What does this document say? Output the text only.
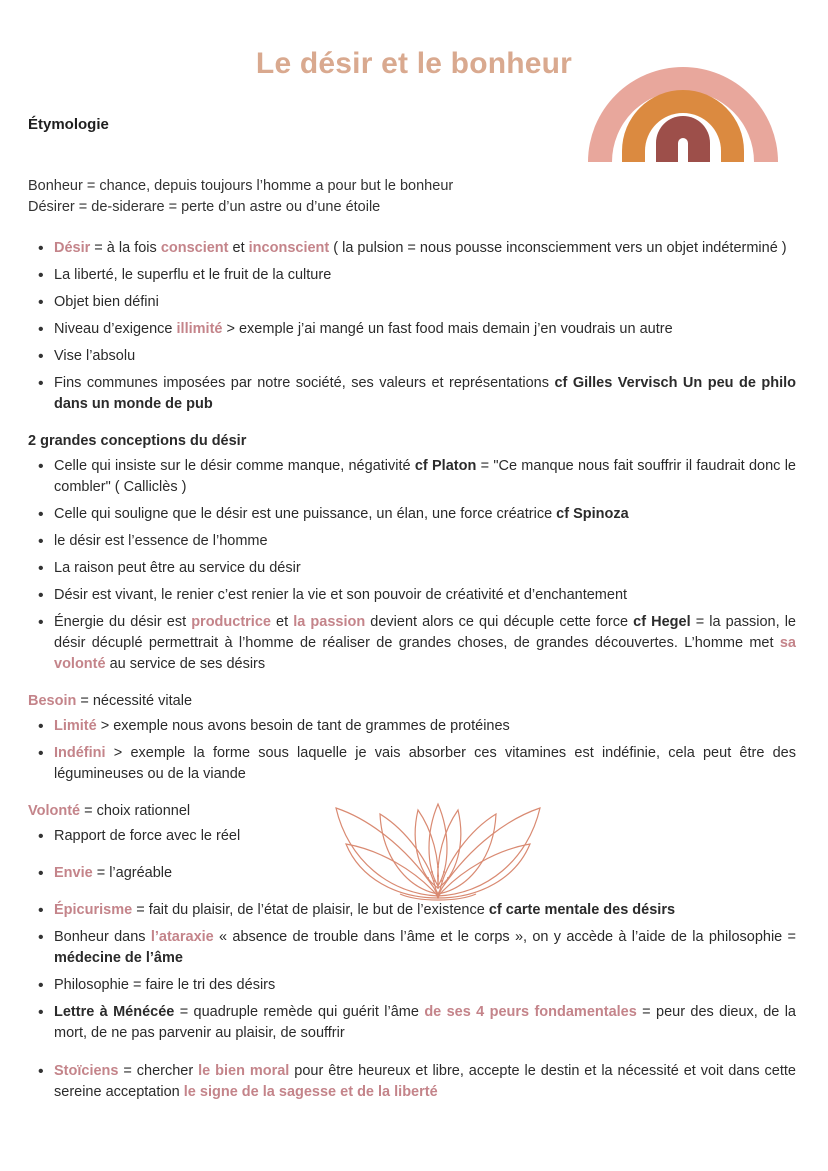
Le désir et le bonheur
Étymologie

Bonheur = chance, depuis toujours l’homme a pour but le bonheur

Désirer = de-siderare = perte d’un astre ou d’une étoile

• Désir = à la fois conscient et inconscient ( la pulsion = nous pousse inconsciemment vers un objet indéterminé )
• La liberté, le superflu et le fruit de la culture
• Objet bien défini
• Niveau d’exigence illimité > exemple j’ai mangé un fast food mais demain j’en voudrais un autre
• Vise l’absolu
• Fins communes imposées par notre société, ses valeurs et représentations cf Gilles Vervisch Un peu de philo dans un monde de pub
2 grandes conceptions du désir
• Celle qui insiste sur le désir comme manque, négativité cf Platon = "Ce manque nous fait souffrir il faudrait donc le combler" ( Calliclès )
• Celle qui souligne que le désir est une puissance, un élan, une force créatrice cf Spinoza
• le désir est l’essence de l’homme
• La raison peut être au service du désir
• Désir est vivant, le renier c’est renier la vie et son pouvoir de créativité et d’enchantement
• Énergie du désir est productrice et la passion devient alors ce qui décuple cette force cf Hegel = la passion, le désir décuplé permettrait à l’homme de réaliser de grandes choses, de grandes découvertes. L’homme met sa volonté au service de ses désirs

Besoin = nécessité vitale

• Limité > exemple nous avons besoin de tant de grammes de protéines
• Indéfini > exemple la forme sous laquelle je vais absorber ces vitamines est indéfinie, cela peut être des légumineuses ou de la viande

Volonté = choix rationnel

• Rapport de force avec le réel
• Envie = l’agréable
• Épicurisme = fait du plaisir, de l’état de plaisir, le but de l’existence cf carte mentale des désirs
• Bonheur dans l’ataraxie « absence de trouble dans l’âme et le corps », on y accède à l’aide de la philosophie = médecine de l’âme
• Philosophie = faire le tri des désirs
• Lettre à Ménécée = quadruple remède qui guérit l’âme de ses 4 peurs fondamentales = peur des dieux, de la mort, de ne pas parvenir au plaisir, de souffrir
• Stoïciens = chercher le bien moral pour être heureux et libre, accepte le destin et la nécessité et voit dans cette sereine acceptation le signe de la sagesse et de la liberté
